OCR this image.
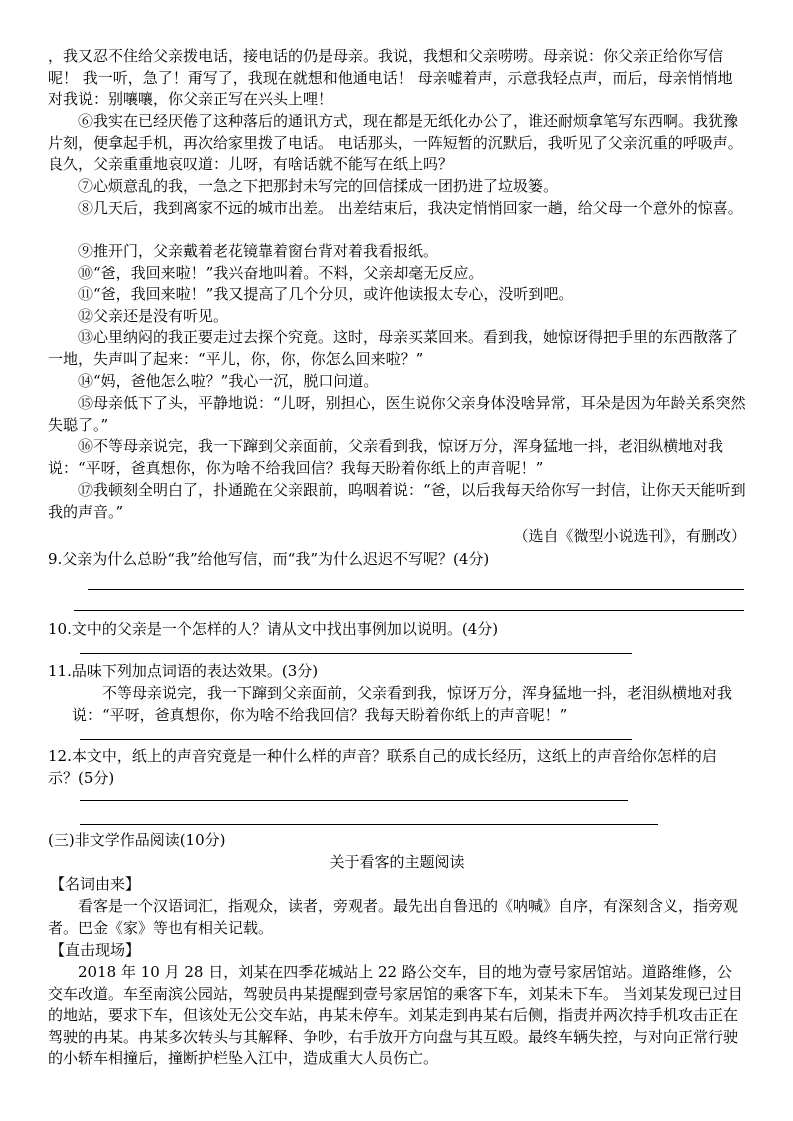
，我又忍不住给父亲拨电话，接电话的仍是母亲。我说，我想和父亲唠唠。母亲说：你父亲正给你写信呢！ 我一听，急了！甭写了，我现在就想和他通电话！ 母亲嘘着声，示意我轻点声，而后，母亲悄悄地对我说：别嚷嚷，你父亲正写在兴头上哩！
⑥我实在已经厌倦了这种落后的通讯方式，现在都是无纸化办公了，谁还耐烦拿笔写东西啊。我犹豫片刻，便拿起手机，再次给家里拨了电话。 电话那头，一阵短暂的沉默后，我听见了父亲沉重的呼吸声。 良久，父亲重重地哀叹道：儿呀，有啥话就不能写在纸上吗？
⑦心烦意乱的我，一急之下把那封未写完的回信揉成一团扔进了垃圾篓。
⑧几天后，我到离家不远的城市出差。 出差结束后，我决定悄悄回家一趟，给父母一个意外的惊喜。
⑨推开门，父亲戴着老花镜靠着窗台背对着我看报纸。
⑩“爸，我回来啦！”我兴奋地叫着。不料，父亲却毫无反应。
⑪“爸，我回来啦！”我又提高了几个分贝，或许他读报太专心，没听到吧。
⑫父亲还是没有听见。
⑬心里纳闷的我正要走过去探个究竟。这时，母亲买菜回来。看到我，她惊讶得把手里的东西散落了一地，失声叫了起来：“平儿，你，你，你怎么回来啦？”
⑭“妈，爸他怎么啦？”我心一沉，脱口问道。
⑮母亲低下了头，平静地说：“儿呀，别担心，医生说你父亲身体没啥异常，耳朵是因为年龄关系突然失聪了。”
⑯不等母亲说完，我一下蹿到父亲面前，父亲看到我，惊讶万分，浑身猛地一抖，老泪纵横地对我说：“平呀，爸真想你，你为啥不给我回信？我每天盼着你纸上的声音呢！”
⑰我顿刻全明白了，扑通跪在父亲跟前，呜咽着说：“爸，以后我每天给你写一封信，让你天天能听到我的声音。”
（选自《微型小说选刊》，有删改）
9.父亲为什么总盼“我”给他写信，而“我”为什么迟迟不写呢？(4分)
10.文中的父亲是一个怎样的人？请从文中找出事例加以说明。(4分)
11.品味下列加点词语的表达效果。(3分)
不等母亲说完，我一下蹿到父亲面前，父亲看到我，惊讶万分，浑身猛地一抖，老泪纵横地对我说：“平呀，爸真想你，你为啥不给我回信？我每天盼着你纸上的声音呢！”
12.本文中，纸上的声音究竟是一种什么样的声音？联系自己的成长经历，这纸上的声音给你怎样的启示？(5分)
(三)非文学作品阅读(10分)
关于看客的主题阅读
【名词由来】
看客是一个汉语词汇，指观众，读者，旁观者。最先出自鲁迅的《呐喊》自序，有深刻含义，指旁观者。巴金《家》等也有相关记载。
【直击现场】
2018 年 10 月 28 日，刘某在四季花城站上 22 路公交车，目的地为壹号家居馆站。道路维修，公交车改道。车至南滨公园站，驾驶员冉某提醒到壹号家居馆的乘客下车，刘某未下车。 当刘某发现已过目的地站，要求下车，但该处无公交车站，冉某未停车。刘某走到冉某右后侧，指责并两次持手机攻击正在驾驶的冉某。冉某多次转头与其解释、争吵，右手放开方向盘与其互殴。最终车辆失控，与对向正常行驶的小轿车相撞后，撞断护栏坠入江中，造成重大人员伤亡。
